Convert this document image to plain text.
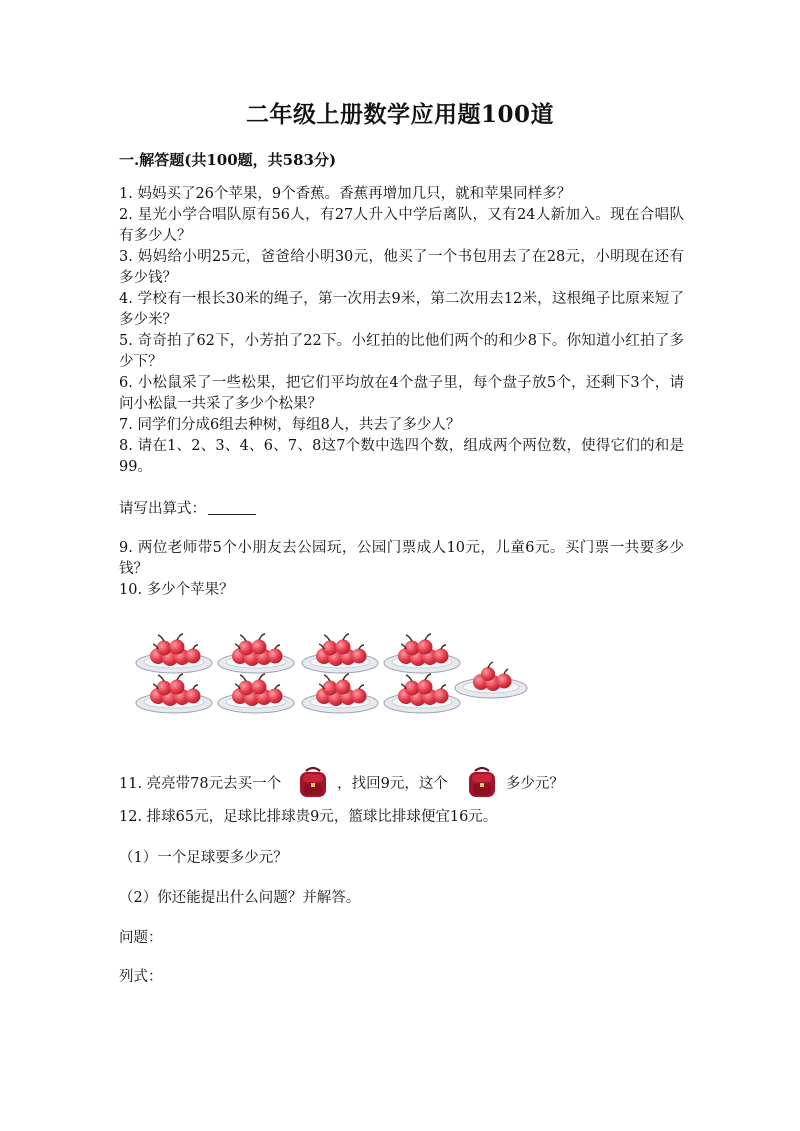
二年级上册数学应用题100道
一.解答题(共100题，共583分)

1. 妈妈买了26个苹果，9个香蕉。香蕉再增加几只，就和苹果同样多？

2. 星光小学合唱队原有56人，有27人升入中学后离队，又有24人新加入。现在合唱队有多少人？

3. 妈妈给小明25元，爸爸给小明30元，他买了一个书包用去了在28元，小明现在还有多少钱？

4. 学校有一根长30米的绳子，第一次用去9米，第二次用去12米，这根绳子比原来短了多少米？

5. 奇奇拍了62下，小芳拍了22下。小红拍的比他们两个的和少8下。你知道小红拍了多少下？

6. 小松鼠采了一些松果，把它们平均放在4个盘子里，每个盘子放5个，还剩下3个，请问小松鼠一共采了多少个松果？

7. 同学们分成6组去种树，每组8人，共去了多少人？

8. 请在1、2、3、4、6、7、8这7个数中选四个数，组成两个两位数，使得它们的和是99。

请写出算式：

9. 两位老师带5个小朋友去公园玩，公园门票成人10元，儿童6元。买门票一共要多少钱？

10. 多少个苹果？

11. 亮亮带78元去买一个	，找回9元，这个	多少元？
12. 排球65元，足球比排球贵9元，篮球比排球便宜16元。
（1）一个足球要多少元？
（2）你还能提出什么问题？并解答。
问题：
列式：
